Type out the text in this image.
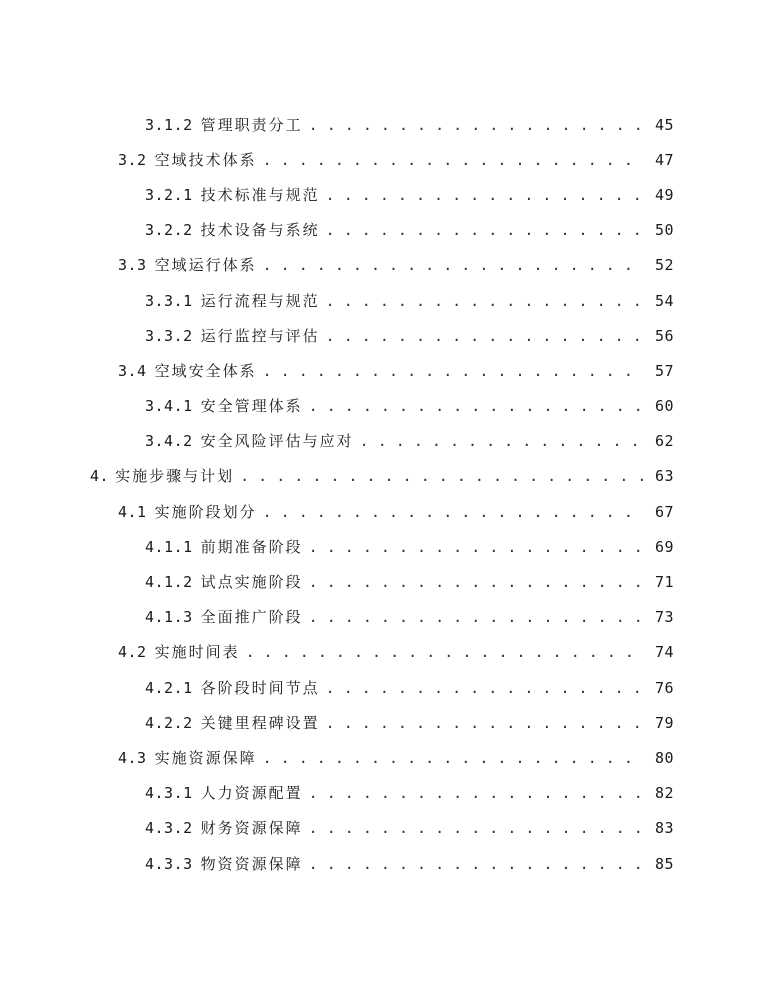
3.1.2 管理职责分工 . . .	45
3.2 空域技术体系 . . .	47
3.2.1 技术标准与规范 . . .	49
3.2.2 技术设备与系统 . . .	50
3.3 空域运行体系 . . .	52
3.3.1 运行流程与规范 . . .	54
3.3.2 运行监控与评估 . . .	56
3.4 空域安全体系 . . .	57
3.4.1 安全管理体系 . . .	60
3.4.2 安全风险评估与应对 . . .	62
4. 实施步骤与计划 . . .	63
4.1 实施阶段划分 . . .	67
4.1.1 前期准备阶段 . . .	69
4.1.2 试点实施阶段 . . .	71
4.1.3 全面推广阶段 . . .	73
4.2 实施时间表 . . .	74
4.2.1 各阶段时间节点 . . .	76
4.2.2 关键里程碑设置 . . .	79
4.3 实施资源保障 . . .	80
4.3.1 人力资源配置 . . .	82
4.3.2 财务资源保障 . . .	83
4.3.3 物资资源保障 . . .	85
